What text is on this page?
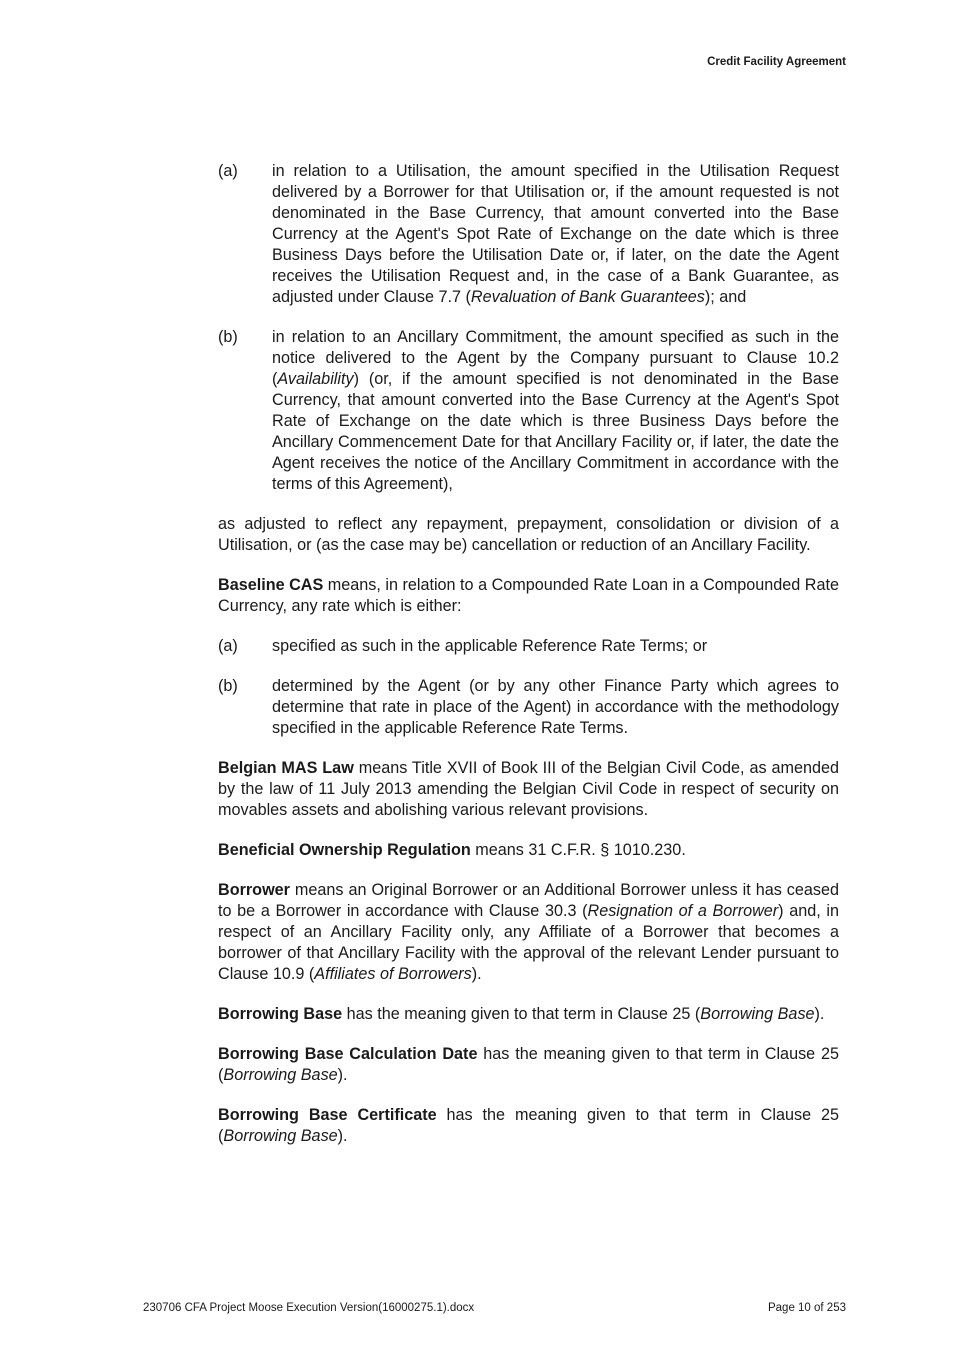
Credit Facility Agreement
(a)	in relation to a Utilisation, the amount specified in the Utilisation Request delivered by a Borrower for that Utilisation or, if the amount requested is not denominated in the Base Currency, that amount converted into the Base Currency at the Agent's Spot Rate of Exchange on the date which is three Business Days before the Utilisation Date or, if later, on the date the Agent receives the Utilisation Request and, in the case of a Bank Guarantee, as adjusted under Clause 7.7 (Revaluation of Bank Guarantees); and
(b)	in relation to an Ancillary Commitment, the amount specified as such in the notice delivered to the Agent by the Company pursuant to Clause 10.2 (Availability) (or, if the amount specified is not denominated in the Base Currency, that amount converted into the Base Currency at the Agent's Spot Rate of Exchange on the date which is three Business Days before the Ancillary Commencement Date for that Ancillary Facility or, if later, the date the Agent receives the notice of the Ancillary Commitment in accordance with the terms of this Agreement),

as adjusted to reflect any repayment, prepayment, consolidation or division of a Utilisation, or (as the case may be) cancellation or reduction of an Ancillary Facility.

Baseline CAS means, in relation to a Compounded Rate Loan in a Compounded Rate Currency, any rate which is either:

(a)	specified as such in the applicable Reference Rate Terms; or
(b)	determined by the Agent (or by any other Finance Party which agrees to determine that rate in place of the Agent) in accordance with the methodology specified in the applicable Reference Rate Terms.

Belgian MAS Law means Title XVII of Book III of the Belgian Civil Code, as amended by the law of 11 July 2013 amending the Belgian Civil Code in respect of security on movables assets and abolishing various relevant provisions.

Beneficial Ownership Regulation means 31 C.F.R. § 1010.230.

Borrower means an Original Borrower or an Additional Borrower unless it has ceased to be a Borrower in accordance with Clause 30.3 (Resignation of a Borrower) and, in respect of an Ancillary Facility only, any Affiliate of a Borrower that becomes a borrower of that Ancillary Facility with the approval of the relevant Lender pursuant to Clause 10.9 (Affiliates of Borrowers).

Borrowing Base has the meaning given to that term in Clause 25 (Borrowing Base).

Borrowing Base Calculation Date has the meaning given to that term in Clause 25 (Borrowing Base).

Borrowing Base Certificate has the meaning given to that term in Clause 25 (Borrowing Base).

230706 CFA Project Moose Execution Version(16000275.1).docx	Page 10 of 253
